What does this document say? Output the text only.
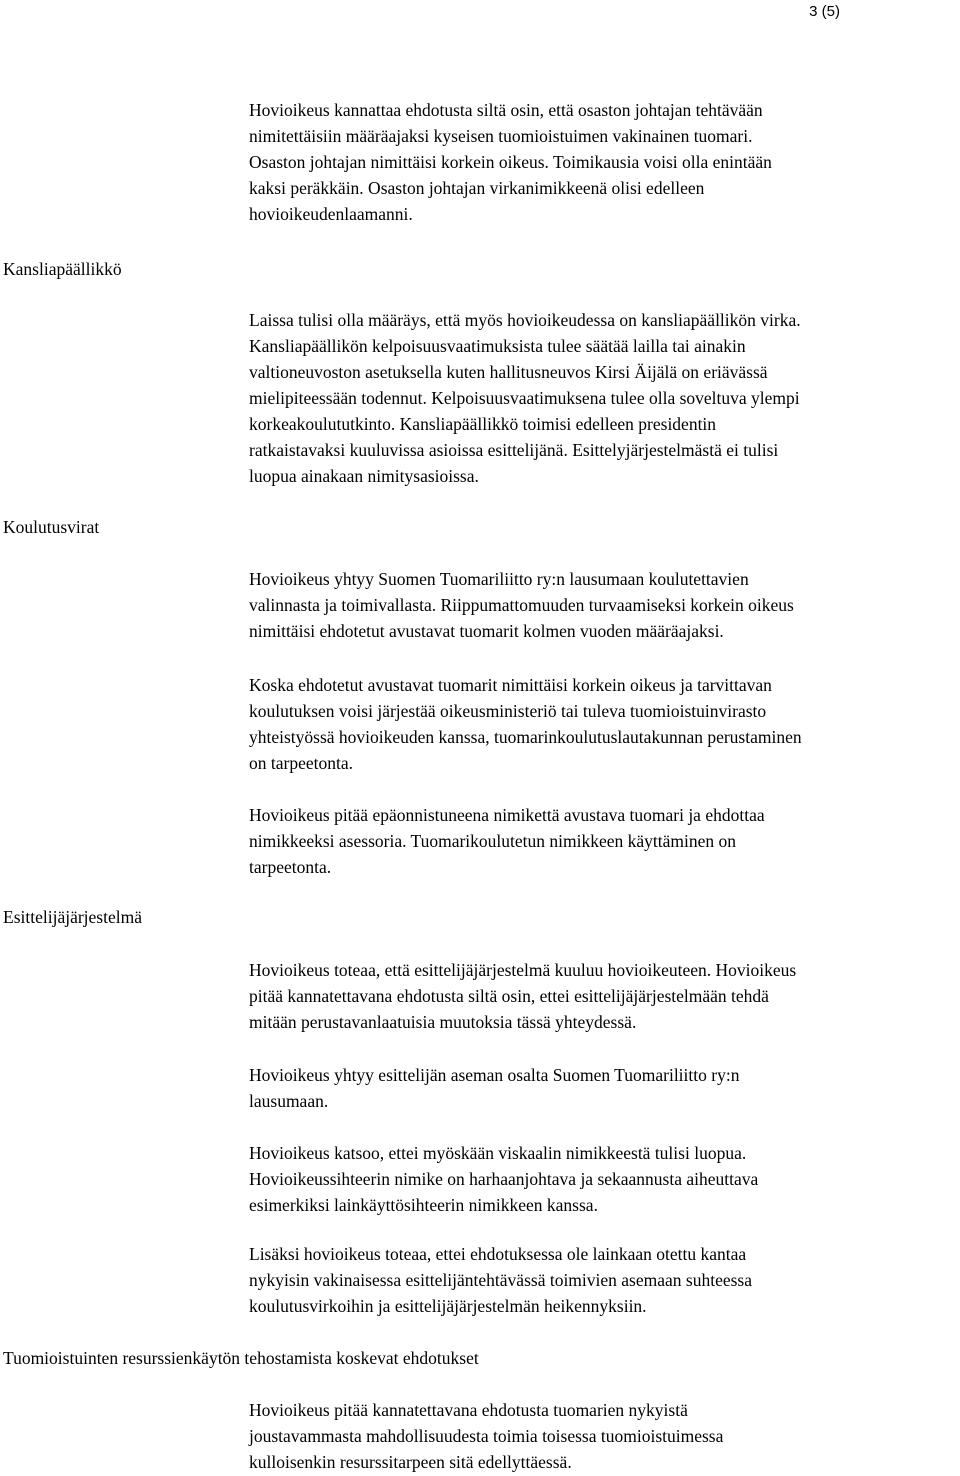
3 (5)
Hovioikeus kannattaa ehdotusta siltä osin, että osaston johtajan tehtävään
nimitettäisiin määräajaksi kyseisen tuomioistuimen vakinainen tuomari.
Osaston johtajan nimittäisi korkein oikeus. Toimikausia voisi olla enintään
kaksi peräkkäin. Osaston johtajan virkanimikkeenä olisi edelleen
hovioikeudenlaamanni.
Kansliapäällikkö
Laissa tulisi olla määräys, että myös hovioikeudessa on kansliapäällikön virka.
Kansliapäällikön kelpoisuusvaatimuksista tulee säätää lailla tai ainakin
valtioneuvoston asetuksella kuten hallitusneuvos Kirsi Äijälä on eriävässä
mielipiteessään todennut. Kelpoisuusvaatimuksena tulee olla soveltuva ylempi
korkeakoulututkinto. Kansliapäällikkö toimisi edelleen presidentin
ratkaistavaksi kuuluvissa asioissa esittelijänä. Esittelyjärjestelmästä ei tulisi
luopua ainakaan nimitysasioissa.
Koulutusvirat
Hovioikeus yhtyy Suomen Tuomariliitto ry:n lausumaan koulutettavien
valinnasta ja toimivallasta. Riippumattomuuden turvaamiseksi korkein oikeus
nimittäisi ehdotetut avustavat tuomarit kolmen vuoden määräajaksi.
Koska ehdotetut avustavat tuomarit nimittäisi korkein oikeus ja tarvittavan
koulutuksen voisi järjestää oikeusministeriö tai tuleva tuomioistuinvirasto
yhteistyössä hovioikeuden kanssa, tuomarinkoulutuslautakunnan perustaminen
on tarpeetonta.
Hovioikeus pitää epäonnistuneena nimikettä avustava tuomari ja ehdottaa
nimikkeeksi asessoria. Tuomarikoulutetun nimikkeen käyttäminen on
tarpeetonta.
Esittelijäjärjestelmä
Hovioikeus toteaa, että esittelijäjärjestelmä kuuluu hovioikeuteen. Hovioikeus
pitää kannatettavana ehdotusta siltä osin, ettei esittelijäjärjestelmään tehdä
mitään perustavanlaatuisia muutoksia tässä yhteydessä.
Hovioikeus yhtyy esittelijän aseman osalta Suomen Tuomariliitto ry:n
lausumaan.
Hovioikeus katsoo, ettei myöskään viskaalin nimikkeestä tulisi luopua.
Hovioikeussihteerin nimike on harhaanjohtava ja sekaannusta aiheuttava
esimerkiksi lainkäyttösihteerin nimikkeen kanssa.
Lisäksi hovioikeus toteaa, ettei ehdotuksessa ole lainkaan otettu kantaa
nykyisin vakinaisessa esittelijäntehtävässä toimivien asemaan suhteessa
koulutusvirkoihin ja esittelijäjärjestelmän heikennyksiin.
Tuomioistuinten resurssienkäytön tehostamista koskevat ehdotukset
Hovioikeus pitää kannatettavana ehdotusta tuomarien nykyistä
joustavammasta mahdollisuudesta toimia toisessa tuomioistuimessa
kulloisenkin resurssitarpeen sitä edellyttäessä.
